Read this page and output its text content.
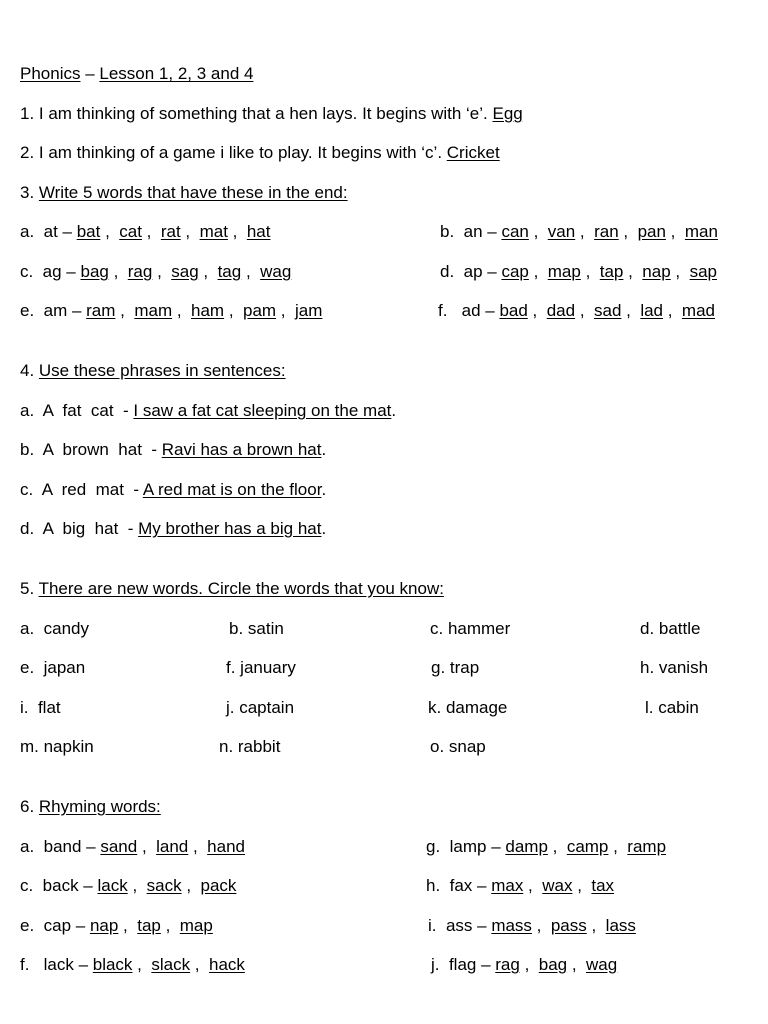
Phonics – Lesson 1, 2, 3 and 4
1. I am thinking of something that a hen lays. It begins with ‘e’. Egg
2. I am thinking of a game i like to play. It begins with ‘c’. Cricket
3. Write 5 words that have these in the end:
a.  at – bat ,  cat ,  rat ,  mat ,  hat	b.  an – can ,  van ,  ran ,  pan ,  man
c.  ag – bag ,  rag ,  sag ,  tag ,  wag	d.  ap – cap ,  map ,  tap ,  nap ,  sap
e.  am – ram ,  mam ,  ham ,  pam ,  jam	f.   ad – bad ,  dad ,  sad ,  lad ,  mad
4. Use these phrases in sentences:
a.  A  fat  cat  - I saw a fat cat sleeping on the mat.
b.  A  brown  hat  - Ravi has a brown hat.
c.  A  red  mat  - A red mat is on the floor.
d.  A  big  hat  - My brother has a big hat.
5. There are new words. Circle the words that you know:
a.  candy	b. satin	c. hammer	d. battle
e.  japan	f. january	g. trap	h. vanish
i.  flat	j. captain	k. damage	l. cabin
m. napkin	n. rabbit	o. snap
6. Rhyming words:
a.  band – sand ,  land ,  hand	g.  lamp – damp ,  camp ,  ramp
c.  back – lack ,  sack ,  pack	h.  fax – max ,  wax ,  tax
e.  cap – nap ,  tap ,  map	i.  ass – mass ,  pass ,  lass
f.   lack – black ,  slack ,  hack	j.  flag – rag ,  bag ,  wag
